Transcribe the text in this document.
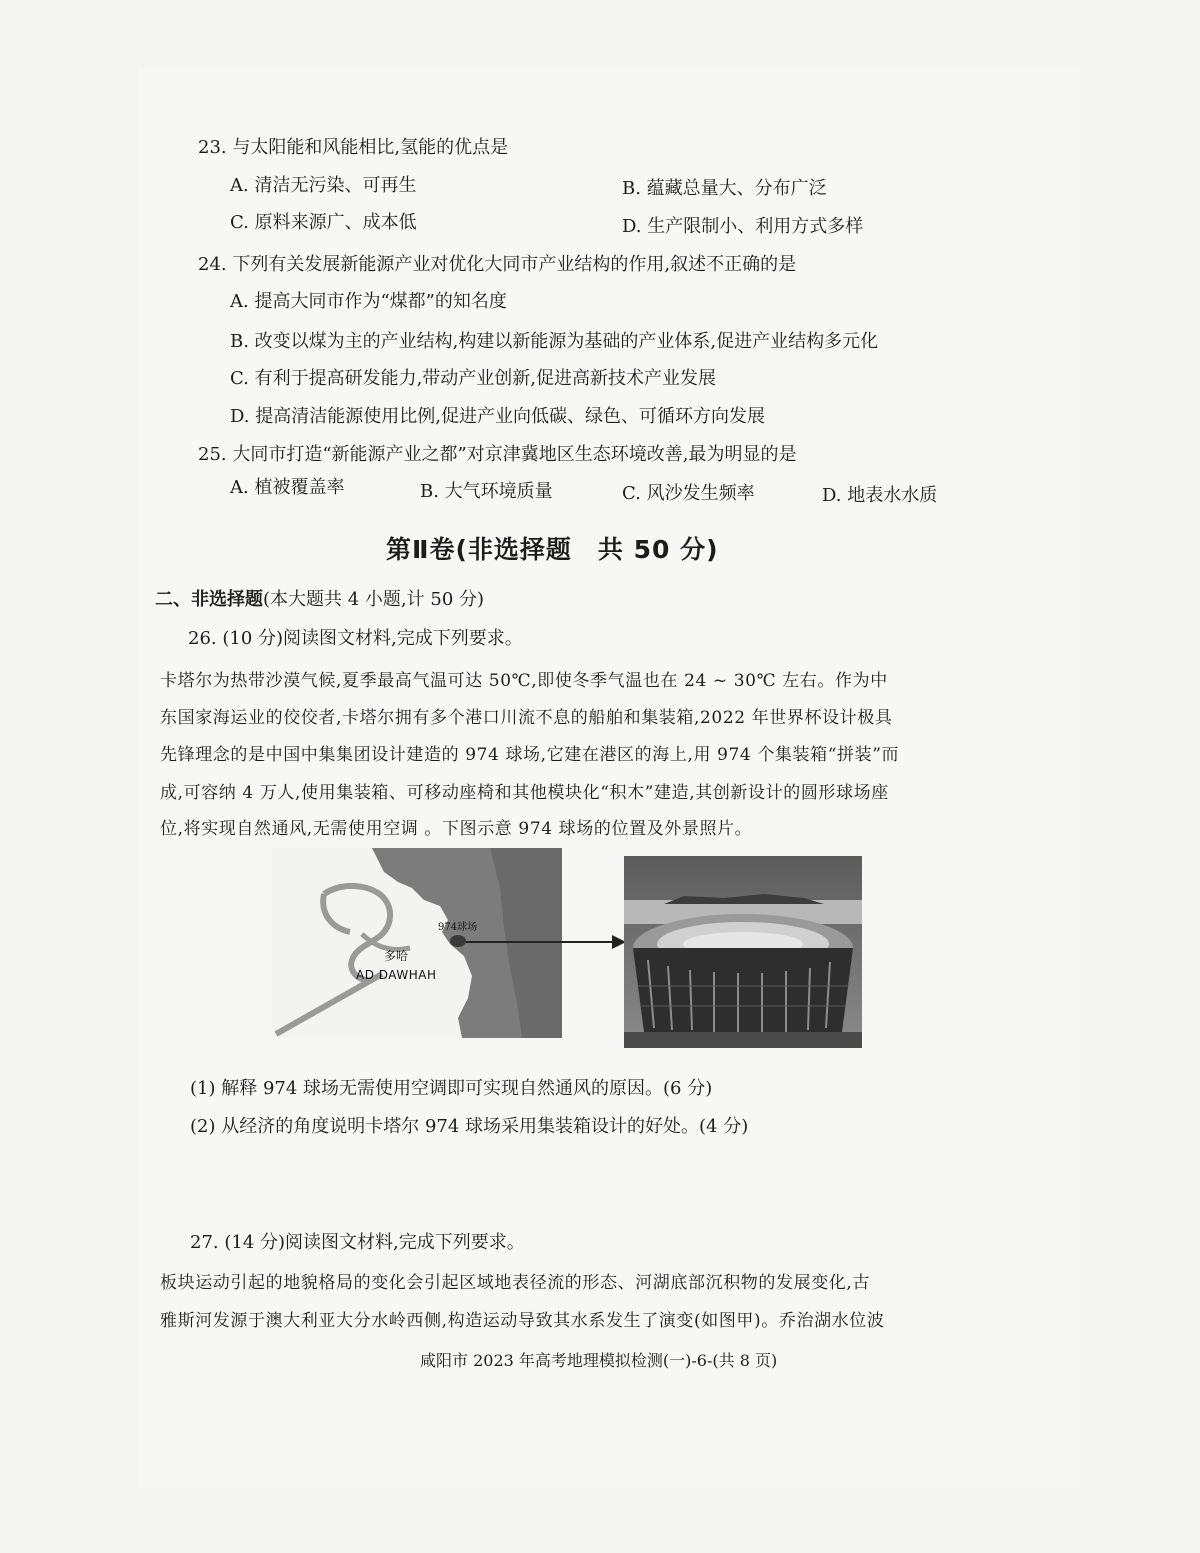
23. 与太阳能和风能相比,氢能的优点是
A. 清洁无污染、可再生	B. 蕴藏总量大、分布广泛
C. 原料来源广、成本低	D. 生产限制小、利用方式多样
24. 下列有关发展新能源产业对优化大同市产业结构的作用,叙述不正确的是
A. 提高大同市作为“煤都”的知名度
B. 改变以煤为主的产业结构,构建以新能源为基础的产业体系,促进产业结构多元化
C. 有利于提高研发能力,带动产业创新,促进高新技术产业发展
D. 提高清洁能源使用比例,促进产业向低碳、绿色、可循环方向发展
25. 大同市打造“新能源产业之都”对京津冀地区生态环境改善,最为明显的是
A. 植被覆盖率	B. 大气环境质量	C. 风沙发生频率	D. 地表水水质
第Ⅱ卷(非选择题　共 50 分)
二、非选择题(本大题共 4 小题,计 50 分)
26. (10 分)阅读图文材料,完成下列要求。
卡塔尔为热带沙漠气候,夏季最高气温可达 50℃,即使冬季气温也在 24 ~ 30℃ 左右。作为中
东国家海运业的佼佼者,卡塔尔拥有多个港口川流不息的船舶和集装箱,2022 年世界杯设计极具
先锋理念的是中国中集集团设计建造的 974 球场,它建在港区的海上,用 974 个集装箱“拼装”而
成,可容纳 4 万人,使用集装箱、可移动座椅和其他模块化“积木”建造,其创新设计的圆形球场座
位,将实现自然通风,无需使用空调 。下图示意 974 球场的位置及外景照片。
974球场
多哈
AD DAWHAH
(1) 解释 974 球场无需使用空调即可实现自然通风的原因。(6 分)
(2) 从经济的角度说明卡塔尔 974 球场采用集装箱设计的好处。(4 分)
27. (14 分)阅读图文材料,完成下列要求。
板块运动引起的地貌格局的变化会引起区域地表径流的形态、河湖底部沉积物的发展变化,古
雅斯河发源于澳大利亚大分水岭西侧,构造运动导致其水系发生了演变(如图甲)。乔治湖水位波
咸阳市 2023 年高考地理模拟检测(一)-6-(共 8 页)
